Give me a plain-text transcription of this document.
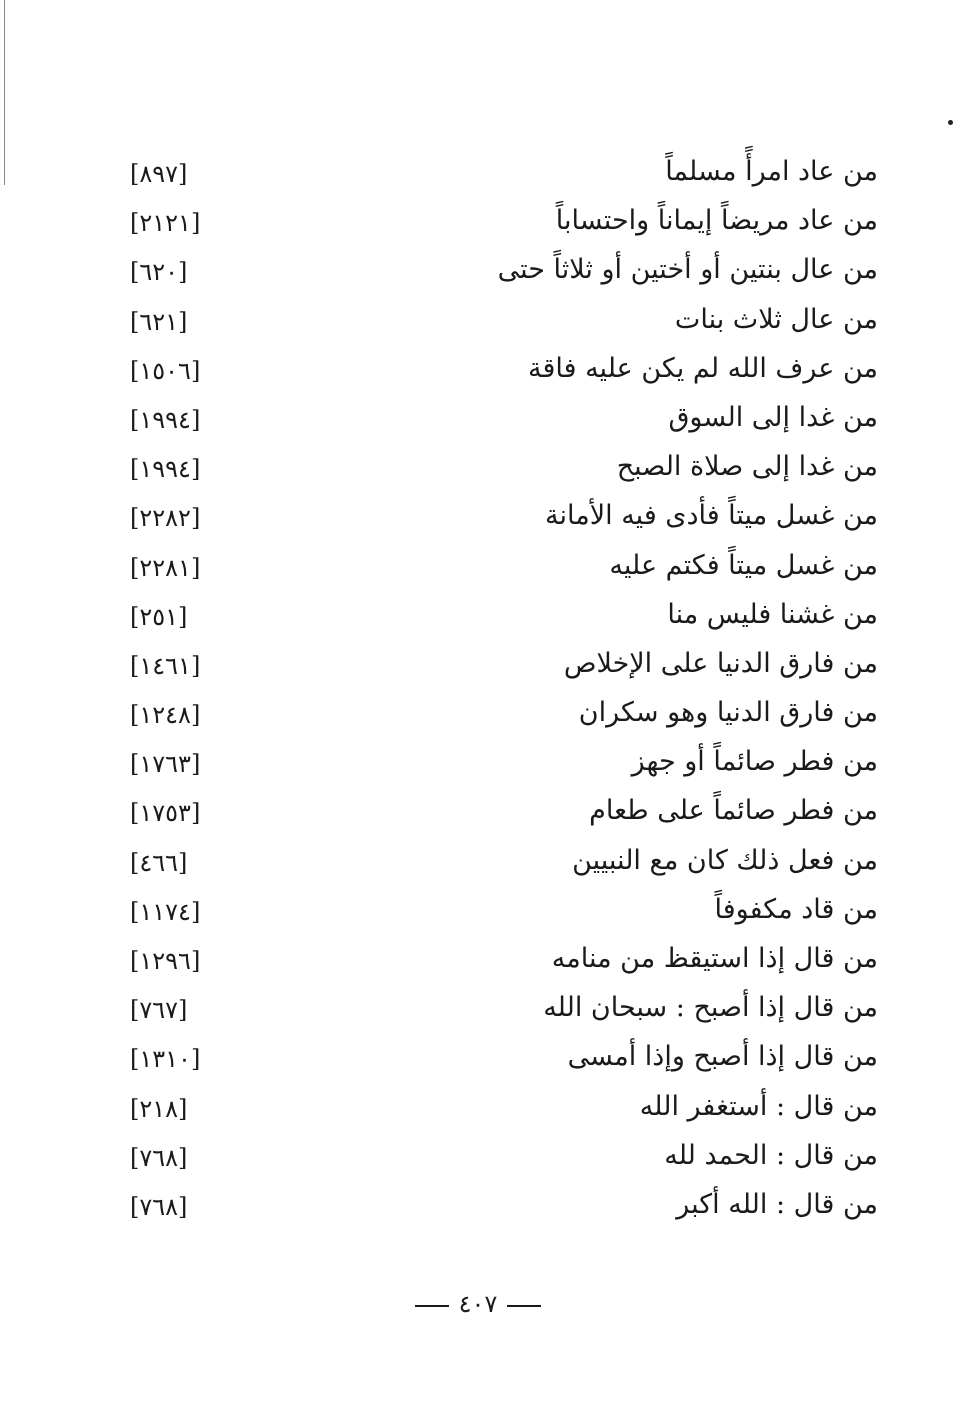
من عاد امرأً مسلماً
[٨٩٧]
من عاد مريضاً إيماناً واحتساباً
[٢١٢١]
من عال بنتين أو أختين أو ثلاثاً حتى
[٦٢٠]
من عال ثلاث بنات
[٦٢١]
من عرف الله لم يكن عليه فاقة
[١٥٠٦]
من غدا إلى السوق
[١٩٩٤]
من غدا إلى صلاة الصبح
[١٩٩٤]
من غسل ميتاً فأدى فيه الأمانة
[٢٢٨٢]
من غسل ميتاً فكتم عليه
[٢٢٨١]
من غشنا فليس منا
[٢٥١]
من فارق الدنيا على الإخلاص
[١٤٦١]
من فارق الدنيا وهو سكران
[١٢٤٨]
من فطر صائماً أو جهز
[١٧٦٣]
من فطر صائماً على طعام
[١٧٥٣]
من فعل ذلك كان مع النبيين
[٤٦٦]
من قاد مكفوفاً
[١١٧٤]
من قال إذا استيقظ من منامه
[١٢٩٦]
من قال إذا أصبح : سبحان الله
[٧٦٧]
من قال إذا أصبح وإذا أمسى
[١٣١٠]
من قال : أستغفر الله
[٢١٨]
من قال : الحمد لله
[٧٦٨]
من قال : الله أكبر
[٧٦٨]
٤٠٧
